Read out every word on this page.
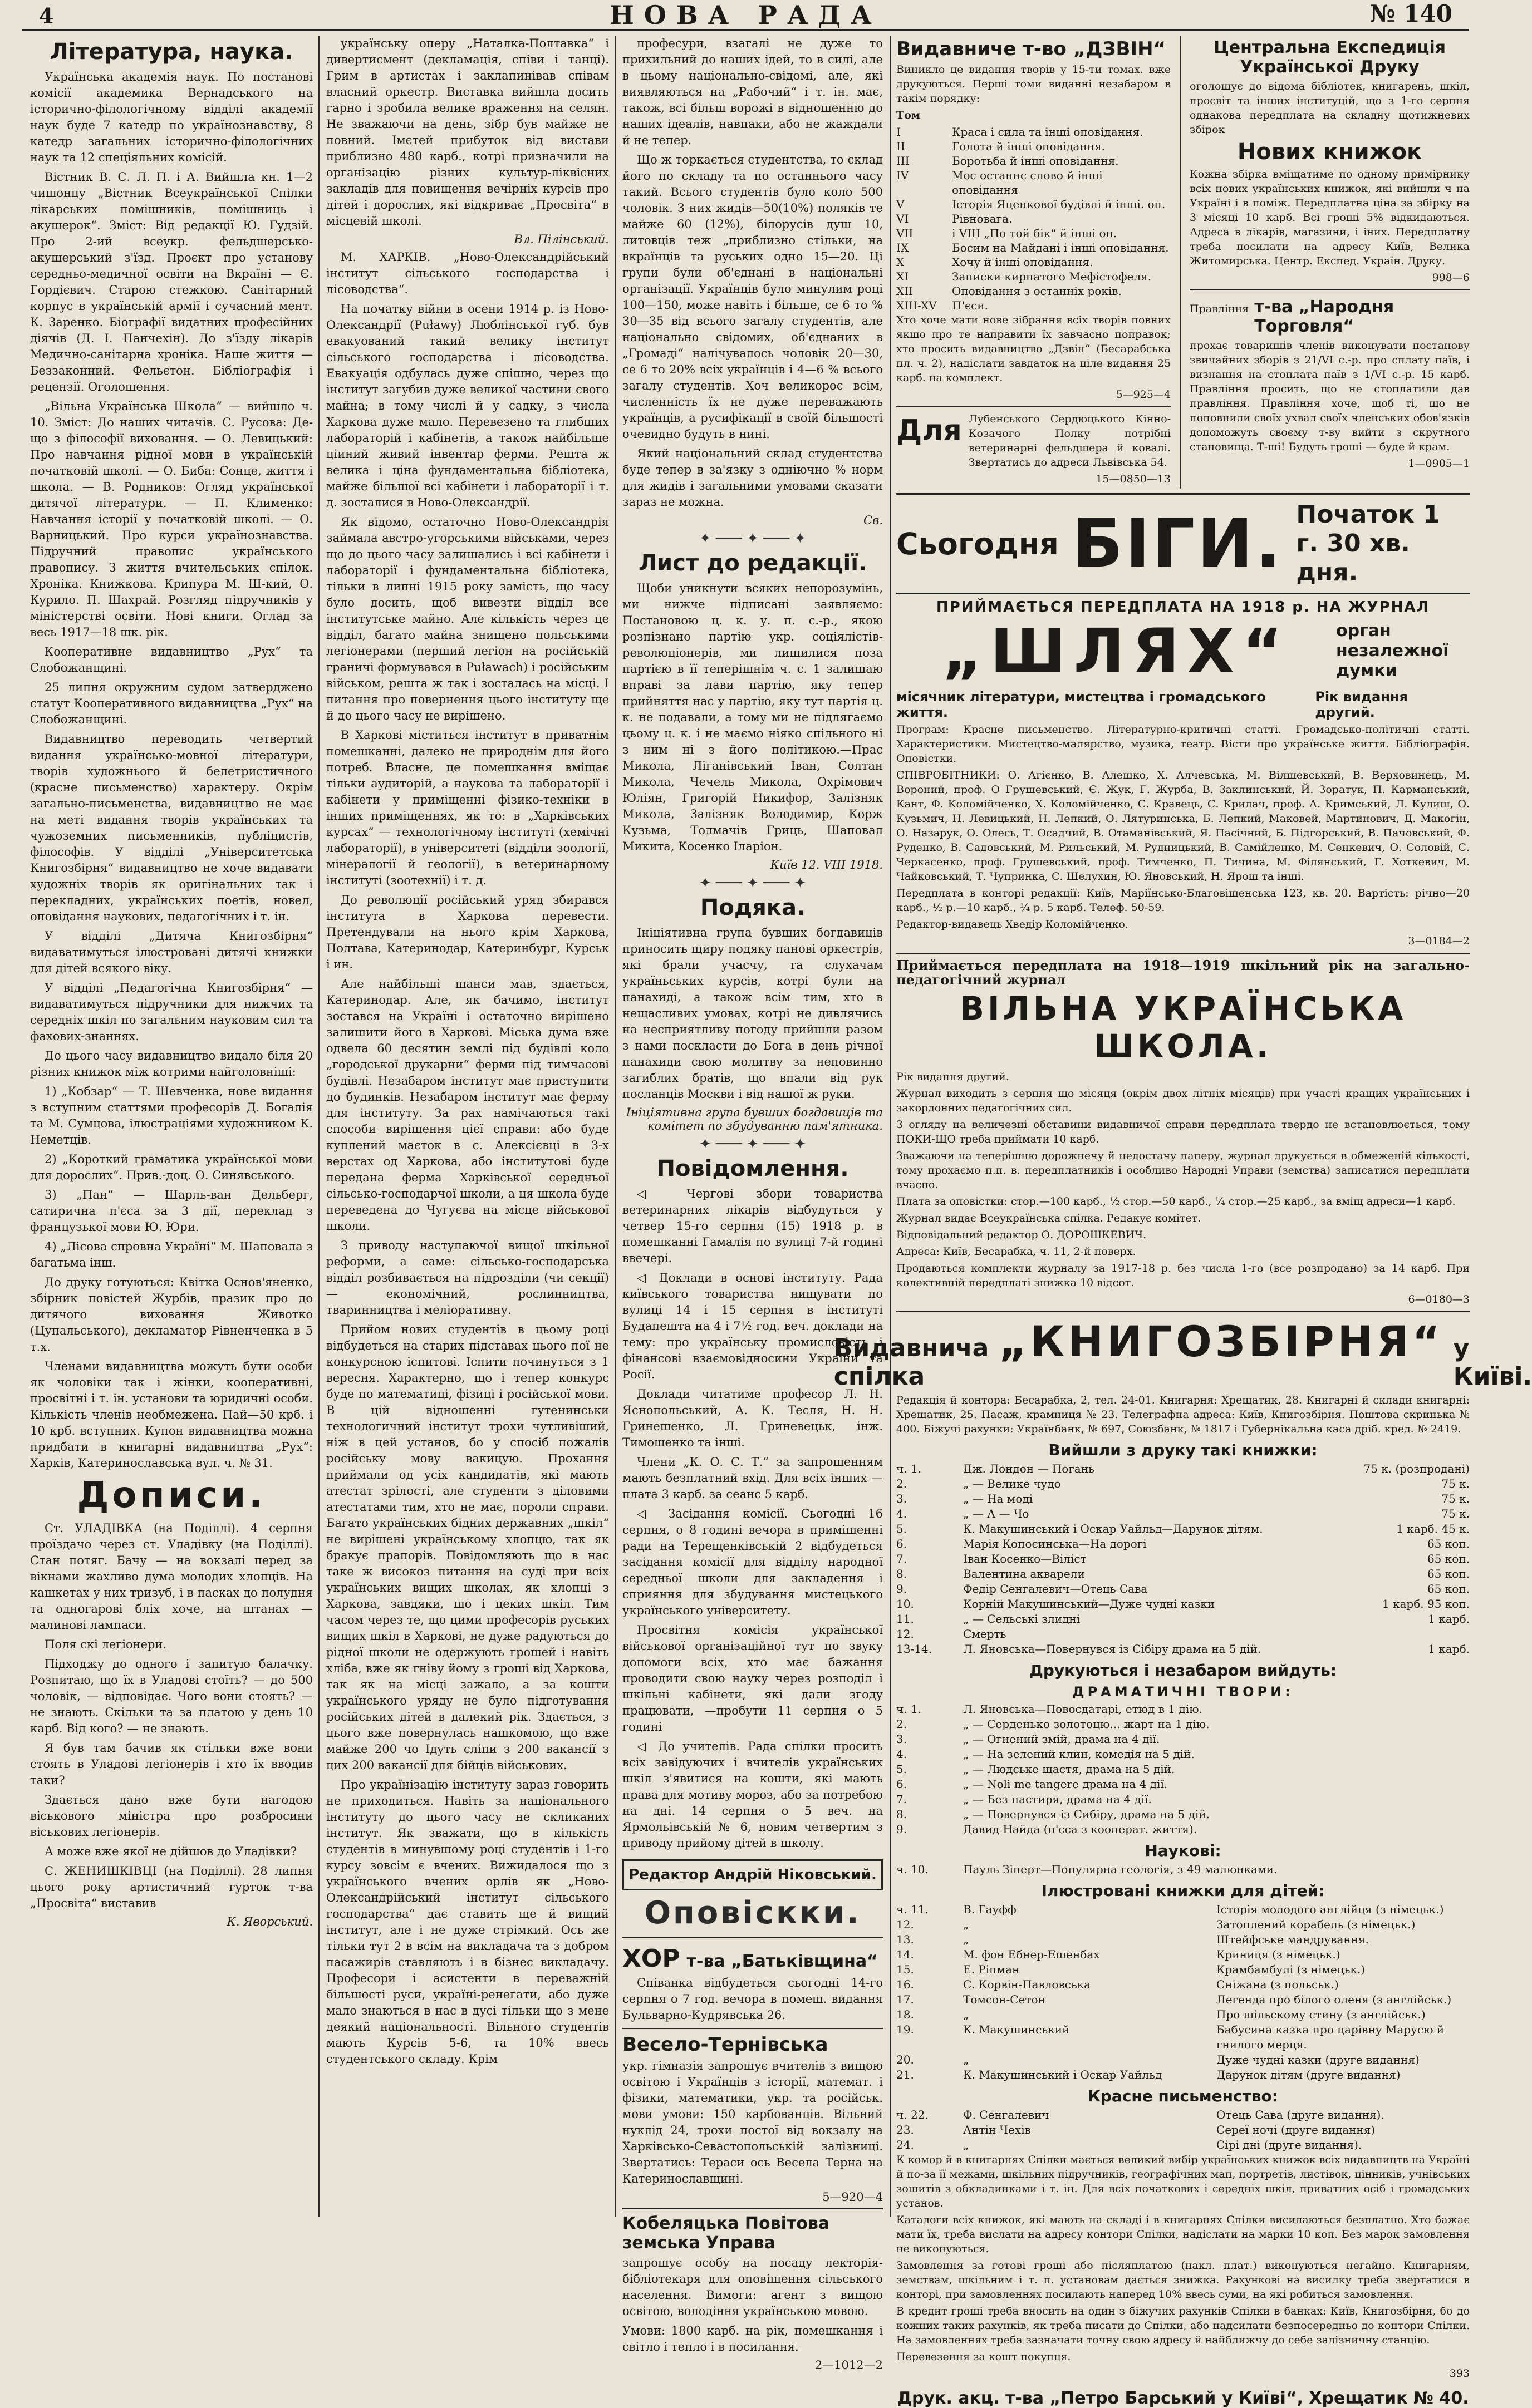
4	НОВА РАДА	№ 140
Література, наука.

Українська академія наук. По постанові комісії академика Вернадського на історично-філологічному відділі академії наук буде 7 катедр по українознавству, 8 катедр загальних історично-філологічних наук та 12 спеціяльних комісій.

Вістник В. С. Л. П. і А. Вийшла кн. 1—2 чишонцу „Вістник Всеукраїнської Спілки лікарських помішників, помішниць і акушерок“. Зміст: Від редакції Ю. Гудзій. Про 2-ий всеукр. фельдшерсько-акушерський з'їзд. Проєкт про установу середньо-медичної освіти на Вкраїні — Є. Гордієвич. Старою стежкою. Санітарний корпус в українській армії і сучасний мент. К. Заренко. Біографії видатних професійних діячів (Д. І. Панчехін). До з'їзду лікарів Медично-санітарна хроніка. Наше життя — Беззаконний. Фельєтон. Бібліографія і рецензії. Оголошення.

„Вільна Українська Школа“ — вийшло ч. 10. Зміст: До наших читачів. С. Русова: Де-що з філософії виховання. — О. Левицький: Про навчання рідної мови в українській початковій школі. — О. Биба: Сонце, життя і школа. — В. Родников: Огляд української дитячої літератури. — П. Клименко: Навчання історії у початковій школі. — О. Варницький. Про курси українознавства. Підручний правопис українського правопису. З життя вчительських спілок. Хроніка. Книжкова. Крипура М. Ш-кий, О. Курило. П. Шахрай. Розгляд підручників у міністерстві освіти. Нові книги. Оглад за весь 1917—18 шк. рік.

Кооперативне видавництво „Рух“ та Слобожанщині.

25 липня окружним судом затверджено статут Кооперативного видавництва „Рух“ на Слобожанщині.

Видавництво переводить четвертий видання українсько-мовної літератури, творів художнього й белетристичного (красне письменство) характеру. Окрім загально-письменства, видавництво не має на меті видання творів українських та чужоземних письменників, публіцистів, філософів. У відділі „Університетська Книгозбірня“ видавництво не хоче видавати художніх творів як оригінальних так і перекладних, українських поетів, новел, оповідання наукових, педагогічних і т. ін.

У відділі „Дитяча Книгозбірня“ видаватимуться ілюстровані дитячі книжки для дітей всякого віку.

У відділі „Педагогічна Книгозбірня“ — видаватимуться підручники для нижчих та середніх шкіл по загальним науковим сил та фахових-знаннях.

До цього часу видавництво видало біля 20 різних книжок між котрими найголовніші:

1) „Кобзар“ — Т. Шевченка, нове видання з вступним статтями професорів Д. Богалія та М. Сумцова, ілюстраціями художником К. Неметців.

2) „Короткий граматика української мови для дорослих“. Прив.-доц. О. Синявського.

3) „Пан“ — Шарль-ван Дельберг, сатирична п'єса за 3 дії, переклад з французької мови Ю. Юри.

4) „Лісова спровна Україні“ М. Шаповала з багатьма інш.

До друку готуються: Квітка Основ'яненко, збірник повістей Журбів, празик про до дитячого виховання Животко (Цупальського), декламатор Рівненченка в 5 т.х.

Членами видавництва можуть бути особи як чоловіки так і жінки, кооперативні, просвітні і т. ін. установи та юридичні особи. Кількість членів необмежена. Пай—50 крб. і 10 крб. вступних. Купон видавництва можна придбати в книгарні видавництва „Рух“: Харків, Катеринославська вул. ч. № 31.

Дописи.

Ст. УЛАДІВКА (на Поділлі). 4 серпня проїздачо через ст. Уладівку (на Поділлі). Стан потяг. Бачу — на вокзалі перед за вікнами жахливо дума молодих хлопців. На кашкетах у них тризуб, і в пасках до полудня та одногарові бліх хоче, на штанах — малинові лампаси.

Поля скі легіонери.

Підходжу до одного і запитую балачку. Розпитаю, що їх в Уладові стоїть? — до 500 чоловік, — відповідає. Чого вони стоять? — не знають. Скільки та за платою у день 10 карб. Від кого? — не знають.

Я був там бачив як стільки вже вони стоять в Уладові легіонерів і хто їх вводив таки?

Здається дано вже бути нагодою віськового міністра про розбросини віськових легіонерів.

А може вже якої не дійшов до Уладівки?

С. ЖЕНИШКІВЦІ (на Поділлі). 28 липня цього року артистичний гурток т-ва „Просвіта“ виставив

К. Яворський.

українську оперу „Наталка-Полтавка“ і дивертисмент (декламація, співи і танці). Грим в артистах і заклапинівав співам власний оркестр. Виставка вийшла досить гарно і зробила велике враження на селян. Не зважаючи на день, зібр був майже не повний. Імєтей прибуток від вистави приблизно 480 карб., котрі призначили на організацію різних культур-ліквісних закладів для повищення вечірніх курсів про дітей і дорослих, які відкриває „Просвіта“ в місцевій школі.

Вл. Пілінський.

М. ХАРКІВ. „Ново-Олександрійський інститут сільського господарства і лісоводства“.

На початку війни в осени 1914 р. із Ново-Олександрії (Puławy) Люблінської губ. був евакуований такий велику інститут сільського господарства і лісоводства. Евакуація одбулась дуже спішно, через що інститут загубив дуже великої частини свого майна; в тому числі й у садку, з числа Харкова дуже мало. Перевезено та глибших лабораторій і кабінетів, а також найбільше ціиний живий інвентар ферми. Решта ж велика і ціна фундаментальна бібліотека, майже більшої всі кабінети і лабораторії і т. д. зосталися в Ново-Олександрії.

Як відомо, остаточно Ново-Олександрія займала австро-угорськими військами, через що до цього часу залишались і всі кабінети і лабораторії і фундаментальна бібліотека, тільки в липні 1915 року замість, що часу було досить, щоб вивезти відділ все інститутське майно. Але кількість через це відділ, багато майна знищено польськими легіонерами (перший легіон на російській граничі формувався в Puławach) і російським військом, решта ж так і зосталась на місці. І питання про повернення цього інституту ще й до цього часу не вирішено.

В Харкові міститься інститут в приватнім помешканні, далеко не природнім для його потреб. Власне, це помешкання вміщає тільки аудиторій, а наукова та лабораторії і кабінети у приміщенні фізико-техніки в інших приміщеннях, як то: в „Харківських курсах“ — технологічному інституті (хемічні лабораторії), в університеті (відділи зоології, мінералогії й геології), в ветеринарному інституті (зоотехнії) і т. д.

До революції російський уряд збирався інститута в Харкова перевести. Претендували на нього крім Харкова, Полтава, Катеринодар, Катеринбург, Курськ і ин.

Але найбільші шанси мав, здається, Катеринодар. Але, як бачимо, інститут зостався на Україні і остаточно вирішено залишити його в Харкові. Міська дума вже одвела 60 десятин землі під будівлі коло „городської друкарни“ ферми під тимчасові будівлі. Незабаром інститут має приступити до будинків. Незабаром інститут має ферму для інституту. За рах намічаються такі способи вирішення цієї справи: або буде куплений маєток в с. Алексієвці в 3-х верстах од Харкова, або інститутові буде передана ферма Харківської середньої сільсько-господарчої школи, а ця школа буде переведена до Чугуєва на місце військової школи.

З приводу наступаючої вищої шкільної реформи, а саме: сільсько-господарська відділ розбивається на підрозділи (чи секції) — економічний, рослинництва, тваринництва і меліоративну.

Прийом нових студентів в цьому році відбудеться на старих підставах цього пої не конкурсною іспитові. Іспити починуться з 1 вересня. Характерно, що і тепер конкурс буде по математиці, фізиці і російської мови. В цій відношенні гутенинськи технологичний інститут трохи чутливіший, ніж в цей установ, бо у спосіб пожалів російську мову вакицую. Прохання приймали од усіх кандидатів, які мають атестат зрілості, але студенти з діловими атестатами тим, хто не має, пороли справи. Багато українських бідних державних „шкіл“ не вирішені українському хлопцю, так як бракує прапорів. Повідомляють що в нас таке ж високоз питання на суді при всіх українських вищих школах, як хлопці з Харкова, завдяки, що і цеких шкіл. Тим часом через те, що цими професорів руських вищих шкіл в Харкові, не дуже радуються до рідної школи не одержують грошей і навіть хліба, вже як гніву йому з гроші від Харкова, так як на місці зажало, а за кошти українського уряду не було підготування російських дітей в далекий рік. Здається, з цього вже повернулась нашкомою, що вже майже 200 чо Ідуть сліпи з 200 вакансії з цих 200 вакансії для бійців військових.

Про українізацію інституту зараз говорить не приходиться. Навіть за національного інституту до цього часу не скликаних інститут. Як зважати, що в кількість студентів в минувшому році студентів і 1-го курсу зовсім є вчених. Вижидалося що з українського вчених орлів як „Ново-Олександрійський інститут сільського господарства“ дає ставить ще й вищий інститут, але і не дуже стрімкий. Ось же тільки тут 2 в всім на викладача та з добром пасажирів ставляють і в бізнес викладачу. Професори і асистенти в переважній більшості руси, україні-ренегати, або дуже мало знаються в нас в дусі тільки що з мене деякий національності. Вільного студентів мають Курсів 5-6, та 10% ввесь студентського складу. Крім

професури, взагалі не дуже то прихильний до наших ідей, то в силі, але в цьому національно-свідомі, але, які виявляються на „Рабочий“ і т. ін. має, також, всі більш ворожі в відношенню до наших ідеалів, навпаки, або не жаждали й не тепер.

Що ж торкається студентства, то склад його по складу та по останнього часу такий. Всього студентів було коло 500 чоловік. З них жидів—50(10%) поляків те майже 60 (12%), білорусів душ 10, литовців теж „приблизно стільки, на вкраїнців та руських одно 15—20. Ці групи були об'єднані в національні організації. Українців було минулим році 100—150, може навіть і більше, се 6 то % 30—35 від всього загалу студентів, але національно свідомих, об'єднаних в „Громаді“ налічувалось чоловік 20—30, се 6 то 20% всіх українців і 4—6 % всього загалу студентів. Хоч великорос всім, численність їх не дуже переважають українців, а русифікації в своїй більшості очевидно будуть в нині.

Який національний склад студентства буде тепер в за'язку з одніючно % норм для жидів і загальними умовами сказати зараз не можна.

Св.
✦ ─── ✦ ─── ✦
Лист до редакції.

Щоби уникнути всяких непорозумінь, ми нижче підписані заявляємо: Постановою ц. к. у. п. с.-р., якою розпізнано партію укр. соціялістів-революціонерів, ми лишилися поза партією в її теперішнім ч. с. 1 залишаю вправі за лави партію, яку тепер прийняття нас у партію, яку тут партія ц. к. не подавали, а тому ми не підлягаємо цьому ц. к. і не маємо ніяко спільного ні з ним ні з його політикою.—Прас Микола, Ліганівський Іван, Солтан Микола, Чечель Микола, Охрімович Юліян, Григорій Никифор, Залізняк Микола, Залізняк Володимир, Корж Кузьма, Толмачів Гриць, Шаповал Микита, Косенко Іларіон.

Київ 12. VIII 1918.
✦ ─── ✦ ─── ✦
Подяка.

Ініціятивна група бувших богдавиців приносить щиру подяку панові оркестрів, які брали учасчу, та слухачам україньських курсів, котрі були на панахиді, а також всім тим, хто в нещасливих умовах, котрі не дивлячись на несприятливу погоду прийшли разом з нами поскласти до Бога в день річної панахиди свою молитву за неповинно загиблих братів, що впали від рук посланців Москви і від нашої ж руки.

Ініціятивна група бувших богдавиців та комітет по збудуванню пам'ятника.
✦ ─── ✦ ─── ✦
Повідомлення.

◁ Чергові збори товариства ветеринарних лікарів відбудуться у четвер 15-го серпня (15) 1918 р. в помешканні Гамалія по вулиці 7-й годині ввечері.

◁ Доклади в основі інституту. Рада київського товариства нищувати по вулиці 14 і 15 серпня в інституті Будапешта на 4 і 7½ год. веч. доклади на тему: про українську промисловість і фінансові взаємовідносини України та Росії.

Доклади читатиме професор Л. Н. Яснопольський, А. К. Тесля, Н. Н. Гринешенко, Л. Гриневецьк, інж. Тимошенко та інші.

Члени „К. О. С. Т.“ за запрошенням мають безплатний вхід. Для всіх інших — плата 3 карб. за сеанс 5 карб.

◁ Засідання комісії. Сьогодні 16 серпня, о 8 годині вечора в приміщенні ради на Терещенківській 2 відбудеться засідання комісії для відділу народної середньої школи для закладення і сприяння для збудування мистецького українського університету.

Просвітня комісія української військової організаційної тут по звуку допомоги всіх, хто має бажання проводити свою науку через розподіл і шкільні кабінети, які дали згоду працювати, —пробути 11 серпня о 5 годині

◁ До учителів. Рада спілки просить всіх завідуючих і вчителів українських шкіл з'явитися на кошти, які мають права для мотиву мороз, або за потребою на дні. 14 серпня о 5 веч. на Ярмольівській № 6, новим четвертим з приводу прийому дітей в школу.

Редактор Андрій Ніковський.
Оповіскки.
ХОР т-ва „Батьківщина“

Співанка відбудеться сьогодні 14-го серпня о 7 год. вечора в помеш. видання Бульварно-Кудрявська 26.

Весело-Тернівська

укр. гімназія запрошує вчителів з вищою освітою і Українців з історії, математ. і фізики, математики, укр. та російськ. мови умови: 150 карбованців. Вільний нуклід 24, трохи постої від вокзалу на Харківсько-Севастопольській залізниці. Звертатись: Тераси ось Весела Терна на Катеринославщині.

5—920—4
Кобеляцька Повітова земська Управа

запрошує особу на посаду лекторія-бібліотекаря для оповіщення сільського населення. Вимоги: агент з вищою освітою, володіння українською мовою.

Умови: 1800 карб. на рік, помешкання і світло і тепло і в посилання.

2—1012—2
Видавниче т-во „ДЗВІН“

Виникло це видання творів у 15-ти томах. вже друкуються. Перші томи виданні незабаром в такім порядку:

Том
I	Краса і сила та інші оповідання.
II	Голота й інші оповідання.
III	Боротьба й інші оповідання.
IV	Моє останнє слово й інші оповідання
V	Історія Яценкової будівлі й інші. оп.
VI	Рівновага.
VII	і VIII „По той бік“ й інші оп.
IX	Босим на Майдані і інші оповідання.
X	Хочу й інші оповідання.
XI	Записки кирпатого Мефістофеля.
XII	Оповідання з останніх років.
XIII-XV	П'єси.

Хто хоче мати нове зібрання всіх творів повних якщо про те направити їх завчасно поправок; хто просить видавництво „Дзвін“ (Бесарабська пл. ч. 2), надіслати завдаток на ціле видання 25 карб. на комплект.

5—925—4
Для Лубенського Сердюцького Кінно-Козачого Полку потрібні ветеринарні фельдшера й ковалі. Звертатись до адреси Львівська 54.
15—0850—13
Центральна Експедиція Української Друку

оголошує до відома бібліотек, книгарень, шкіл, просвіт та інших інституцій, що з 1-го серпня однакова передплата на складну щотижневих збірок

Нових книжок

Кожна збірка вміщатиме по одному примірнику всіх нових українських книжок, які вийшли ч на Україні і в поміж. Передплатна ціна за збірку на 3 місяці 10 карб. Всі гроші 5% відкидаються. Адреса в лікарів, магазини, і іних. Передплатну треба посилати на адресу Київ, Велика Житомирська. Центр. Експед. Україн. Друку.

998—6
Правління т-ва „Народня Торговля“

прохає товаришів членів виконувати постанову звичайних зборів з 21/VI с.-р. про сплату паїв, і визнання на стоплата паїв з 1/VI с.-р. 15 карб. Правління просить, що не стоплатили дав правління. Правління хоче, щоб ті, що не поповнили своїх ухвал своїх членських обов'язків допоможуть своєму т-ву вийти з скрутного становища. Т-ші! Будуть гроші — буде й крам.

1—0905—1
Сьогодня БІГИ. Початок 1 г. 30 хв. дня.
ПРИЙМАЄТЬСЯ ПЕРЕДПЛАТА НА 1918 р. НА ЖУРНАЛ
„ШЛЯХ“	орган незалежної думки
місячник літератури, мистецтва і громадського життя.
Рік видання другий.

Програм: Красне письменство. Літературно-критичні статті. Громадсько-політичні статті. Характеристики. Мистецтво-малярство, музика, театр. Вісти про українське життя. Бібліографія. Оповістки.

СПІВРОБІТНИКИ: О. Агієнко, В. Алешко, Х. Алчевська, М. Вілшевський, В. Верховинець, М. Вороний, проф. О Грушевський, Є. Жук, Г. Журба, В. Заклинський, Й. Зоратук, П. Карманський, Кант, Ф. Коломійченко, Х. Коломійченко, С. Кравець, С. Крилач, проф. А. Кримський, Л. Кулиш, О. Кузьмич, Н. Левицький, Н. Лепкий, О. Лятуринська, Б. Лепкий, Маковей, Мартинович, Д. Макогін, О. Назарук, О. Олесь, Т. Осадчий, В. Отаманівський, Я. Пасічний, Б. Підгорський, В. Пачовський, Ф. Руденко, В. Садовський, М. Рильський, М. Рудницький, В. Самійленко, М. Сенкевич, О. Соловій, С. Черкасенко, проф. Грушевський, проф. Тимченко, П. Тичина, М. Філянський, Г. Хоткевич, М. Чайковський, Т. Чупринка, С. Шелухин, Ю. Яновський, Н. Ярош та інші.

Передплата в конторі редакції: Київ, Маріїнсько-Благовіщенська 123, кв. 20. Вартість: річно—20 карб., ½ р.—10 карб., ¼ р. 5 карб. Телеф. 50-59.

Редактор-видавець Хведір Коломійченко.
3—0184—2
Приймається передплата на 1918—1919 шкільний рік на загально-педагогічний журнал
ВІЛЬНА УКРАЇНСЬКА ШКОЛА.
Рік видання другий.

Журнал виходить з серпня що місяця (окрім двох літніх місяців) при участі кращих українських і закордонних педагогічних сил.

З огляду на величезні обставини видавничої справи передплата твердо не встановлюється, тому ПОКИ-ЩО треба приймати 10 карб.

Зважаючи на теперішню дорожнечу й недостачу паперу, журнал друкується в обмеженій кількості, тому прохаємо п.п. в. передплатників і особливо Народні Управи (земства) записатися передплати вчасно.

Плата за оповістки: стор.—100 карб., ½ стор.—50 карб., ¼ стор.—25 карб., за вміщ адреси—1 карб.

Журнал видає Всеукраїнська спілка. Редакує комітет.

Відповідальний редактор О. ДОРОШКЕВИЧ.

Адреса: Київ, Бесарабка, ч. 11, 2-й поверх.

Продаються комплекти журналу за 1917-18 р. без числа 1-го (все розпродано) за 14 карб. При колективній передплаті знижка 10 відсот.

6—0180—3
Видавнича спілка
„КНИГОЗБІРНЯ“ у Київі.

Редакція й контора: Бесарабка, 2, тел. 24-01. Книгарня: Хрещатик, 28. Книгарні й склади книгарні: Хрещатик, 25. Пасаж, крамниця № 23. Телеграфна адреса: Київ, Книгозбірня. Поштова скринька № 400. Біжучі рахунки: Українбанк, № 697, Союзбанк, № 1817 і Губернікальна каса дріб. кред. № 2419.

Вийшли з друку такі книжки:
ч. 1.	Дж. Лондон — Погань	75 к. (розпродані)
2.	„ — Велике чудо	75 к.
3.	„ — На моді	75 к.
4.	„ — А — Чо	75 к.
5.	К. Макушинський і Оскар Уайльд—Дарунок дітям.	1 карб. 45 к.
6.	Марія Копосинська—На дорогі	65 коп.
7.	Іван Косенко—Віліст	65 коп.
8.	Валентина акварели	65 коп.
9.	Федір Сенгалевич—Отець Сава	65 коп.
10.	Корній Макушинський—Дуже чудні казки	1 карб. 95 коп.
11.	„ — Сельські злидні	1 карб.
12.	Смерть
13-14.	Л. Яновська—Повернувся із Сібіру драма на 5 дій.	1 карб.
Друкуються і незабаром вийдуть:
ДРАМАТИЧНІ ТВОРИ:
ч. 1.	Л. Яновська—Повоєдатарі, етюд в 1 дію.
2.	„ — Серденько золотоцю... жарт на 1 дію.
3.	„ — Огнений змій, драма на 4 дії.
4.	„ — На зелений клин, комедія на 5 дій.
5.	„ — Людське щастя, драма на 5 дій.
6.	„ — Noli me tangere драма на 4 дії.
7.	„ — Без пастиря, драма на 4 дії.
8.	„ — Повернувся із Сибіру, драма на 5 дій.
9.	Давид Найда (п'єса з кооперат. життя).
Наукові:
ч. 10.	Пауль Зіперт—Популярна геологія, з 49 малюнками.
Ілюстровані книжки для дітей:
ч. 11.	В. Гауфф	Історія молодого англійця (з німецьк.)
12.	„	Затоплений корабель (з німецьк.)
13.	„	Штейфське мандрування.
14.	М. фон Ебнер-Ешенбах	Криниця (з німецьк.)
15.	Е. Ріпман	Крамбамбулі (з німецьк.)
16.	С. Корвін-Павловська	Сніжана (з польськ.)
17.	Томсон-Сетон	Легенда про білого оленя (з англійськ.)
18.	„	Про шільскому стину (з англійськ.)
19.	К. Макушинський	Бабусина казка про царівну Марусю й гнилого мерця.
20.	„	Дуже чудні казки (друге видання)
21.	К. Макушинський і Оскар Уайльд	Дарунок дітям (друге видання)
Красне письменство:
ч. 22.	Ф. Сенгалевич	Отець Сава (друге видання).
23.	Антін Чехів	Сереї ночі (друге видання)
24.	„	Сірі дні (друге видання).

К комор й в книгарнях Спілки мається великий вибір українських книжок всіх видавництв на Україні й по-за її межами, шкільних підручників, географічних мап, портретів, листівок, цінників, учнівських зошитів з обкладинками і т. ін. Для всіх початкових і середніх шкіл, приватних осіб і громадських установ.

Каталоги всіх книжок, які мають на складі і в книгарнях Спілки висилаються безплатно. Хто бажає мати їх, треба вислати на адресу контори Спілки, надіслати на марки 10 коп. Без марок замовлення не виконуються.

Замовлення за готові гроші або післяплатою (накл. плат.) виконуються негайно. Книгарням, земствам, шкільним і т. п. установам дається знижка. Рахункові на висилку треба звертатися в конторі, при замовленнях посилають наперед 10% ввесь суми, на які робиться замовлення.

В кредит гроші треба вносить на один з біжучих рахунків Спілки в банках: Київ, Книгозбірня, бо до кожних таких рахунків, як треба писати до Спілки, або надсилати безпосередньо до контори Спілки. На замовленнях треба зазначати точну свою адресу й найближчу до себе залізничну станцію.

Перевезення за кошт покупця.

393
Друк. акц. т-ва „Петро Барський у Київі“, Хрещатик № 40.
